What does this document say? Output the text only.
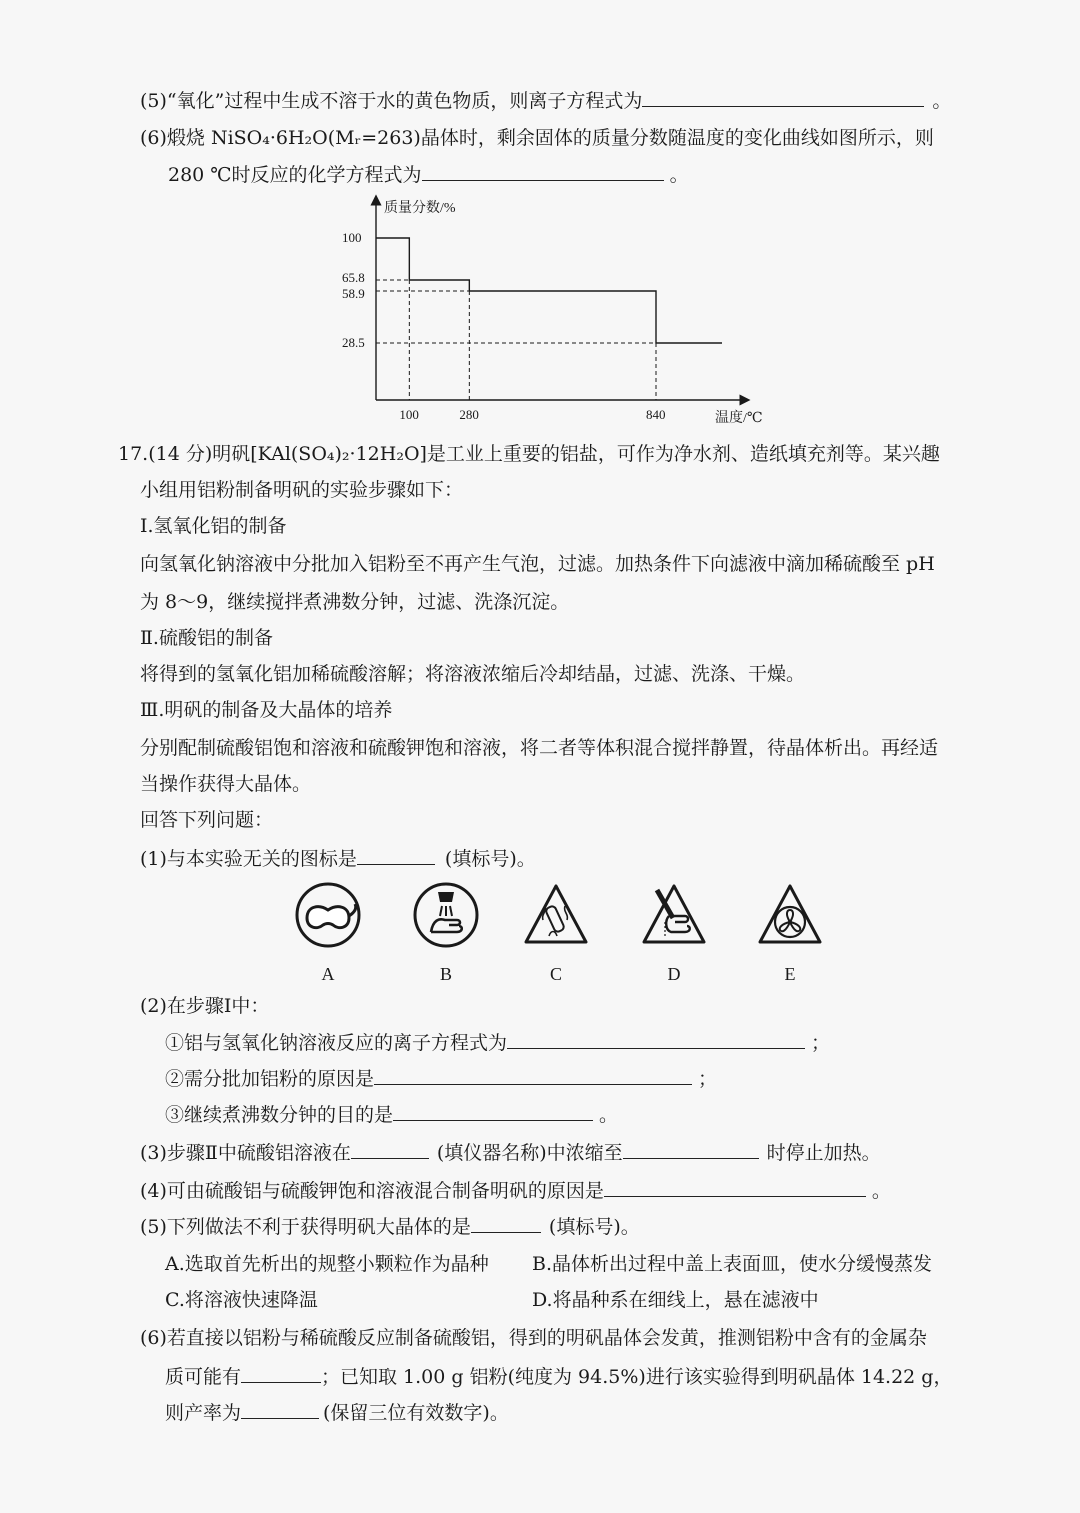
(5)“氧化”过程中生成不溶于水的黄色物质，则离子方程式为	。
(6)煅烧 NiSO₄·6H₂O(Mᵣ=263)晶体时，剩余固体的质量分数随温度的变化曲线如图所示，则
280 ℃时反应的化学方程式为	。
质量分数/%
温度/℃
100	280	840
100
65.8
58.9
28.5
17.(14 分)明矾[KAl(SO₄)₂·12H₂O]是工业上重要的铝盐，可作为净水剂、造纸填充剂等。某兴趣
小组用铝粉制备明矾的实验步骤如下：
Ⅰ.氢氧化铝的制备
向氢氧化钠溶液中分批加入铝粉至不再产生气泡，过滤。加热条件下向滤液中滴加稀硫酸至 pH
为 8～9，继续搅拌煮沸数分钟，过滤、洗涤沉淀。
Ⅱ.硫酸铝的制备
将得到的氢氧化铝加稀硫酸溶解；将溶液浓缩后冷却结晶，过滤、洗涤、干燥。
Ⅲ.明矾的制备及大晶体的培养
分别配制硫酸铝饱和溶液和硫酸钾饱和溶液，将二者等体积混合搅拌静置，待晶体析出。再经适
当操作获得大晶体。
回答下列问题：
(1)与本实验无关的图标是	(填标号)。
A	B	C	D	E
(2)在步骤Ⅰ中：
①铝与氢氧化钠溶液反应的离子方程式为	；
②需分批加铝粉的原因是	；
③继续煮沸数分钟的目的是	。
(3)步骤Ⅱ中硫酸铝溶液在	(填仪器名称)中浓缩至	时停止加热。
(4)可由硫酸铝与硫酸钾饱和溶液混合制备明矾的原因是	。
(5)下列做法不利于获得明矾大晶体的是	(填标号)。
A.选取首先析出的规整小颗粒作为晶种 B.晶体析出过程中盖上表面皿，使水分缓慢蒸发
C.将溶液快速降温	D.将晶种系在细线上，悬在滤液中
(6)若直接以铝粉与稀硫酸反应制备硫酸铝，得到的明矾晶体会发黄，推测铝粉中含有的金属杂
质可能有	；已知取 1.00 g 铝粉(纯度为 94.5%)进行该实验得到明矾晶体 14.22 g，
则产率为	(保留三位有效数字)。
